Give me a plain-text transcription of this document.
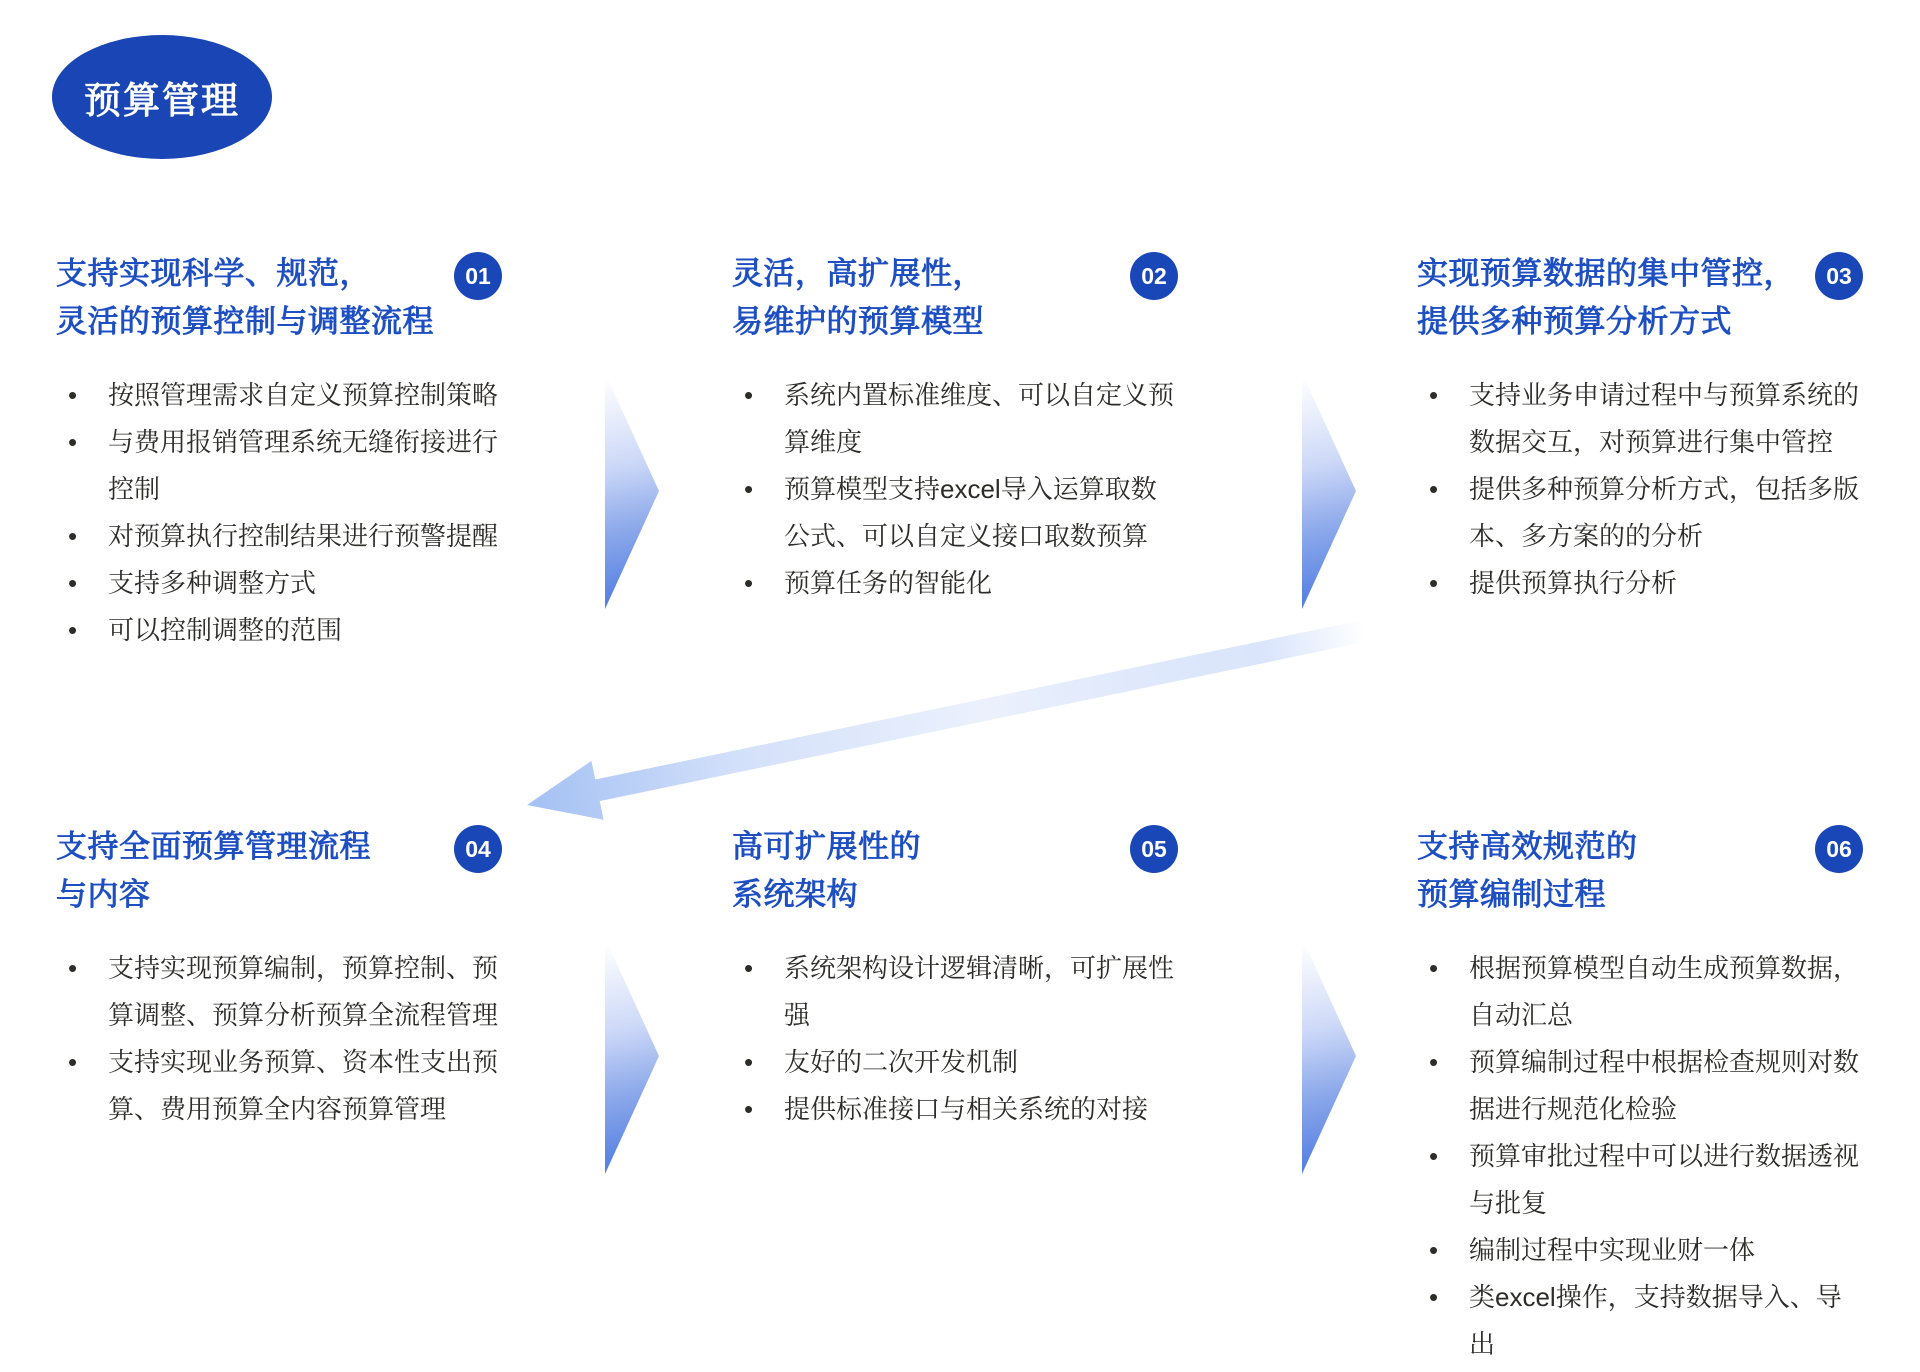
预算管理
支持实现科学、规范，
灵活的预算控制与调整流程
01
• 按照管理需求自定义预算控制策略
• 与费用报销管理系统无缝衔接进行控制
• 对预算执行控制结果进行预警提醒
• 支持多种调整方式
• 可以控制调整的范围
灵活，高扩展性，
易维护的预算模型
02
• 系统内置标准维度、可以自定义预算维度
• 预算模型支持excel导入运算取数公式、可以自定义接口取数预算
• 预算任务的智能化
实现预算数据的集中管控，
提供多种预算分析方式
03
• 支持业务申请过程中与预算系统的数据交互，对预算进行集中管控
• 提供多种预算分析方式，包括多版本、多方案的的分析
• 提供预算执行分析
支持全面预算管理流程
与内容
04
• 支持实现预算编制，预算控制、预算调整、预算分析预算全流程管理
• 支持实现业务预算、资本性支出预算、费用预算全内容预算管理
高可扩展性的
系统架构
05
• 系统架构设计逻辑清晰，可扩展性强
• 友好的二次开发机制
• 提供标准接口与相关系统的对接
支持高效规范的
预算编制过程
06
• 根据预算模型自动生成预算数据，自动汇总
• 预算编制过程中根据检查规则对数据进行规范化检验
• 预算审批过程中可以进行数据透视与批复
• 编制过程中实现业财一体
• 类excel操作，支持数据导入、导出
